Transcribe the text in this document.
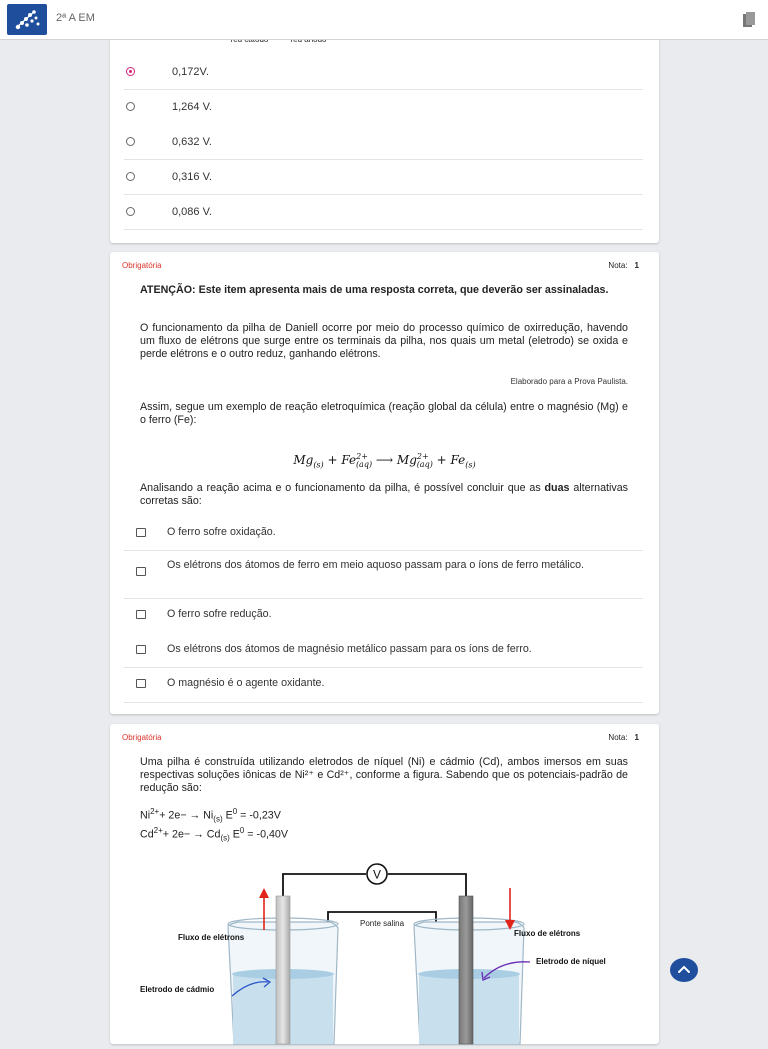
2ª A EM
0,172V.
1,264 V.
0,632 V.
0,316 V.
0,086 V.
Obrigatória	Nota: 1
ATENÇÃO: Este item apresenta mais de uma resposta correta, que deverão ser assinaladas.
O funcionamento da pilha de Daniell ocorre por meio do processo químico de oxirredução, havendo um fluxo de elétrons que surge entre os terminais da pilha, nos quais um metal (eletrodo) se oxida e perde elétrons e o outro reduz, ganhando elétrons.
Elaborado para a Prova Paulista.
Assim, segue um exemplo de reação eletroquímica (reação global da célula) entre o magnésio (Mg) e o ferro (Fe):
$Mg_{(s)} + Fe^{2+}_{(aq)}$ ⟶ $Mg^{2+}_{(aq)} + Fe_{(s)}$
Analisando a reação acima e o funcionamento da pilha, é possível concluir que as duas alternativas corretas são:
O ferro sofre oxidação.
Os elétrons dos átomos de ferro em meio aquoso passam para o íons de ferro metálico.
O ferro sofre redução.
Os elétrons dos átomos de magnésio metálico passam para os íons de ferro.
O magnésio é o agente oxidante.
Obrigatória	Nota: 1
Uma pilha é construída utilizando eletrodos de níquel (Ni) e cádmio (Cd), ambos imersos em suas respectivas soluções iônicas de Ni²⁺ e Cd²⁺, conforme a figura. Sabendo que os potenciais-padrão de redução são:
$Ni^{2+}+ 2e- \to Ni_{(s)}$ $E^0 = -0,23V$
$Cd^{2+}+ 2e- \to Cd_{(s)}$ $E^0 = -0,40V$
V
Ponte salina
Fluxo de elétrons	Fluxo de elétrons
Eletrodo de cádmio
Eletrodo de níquel
